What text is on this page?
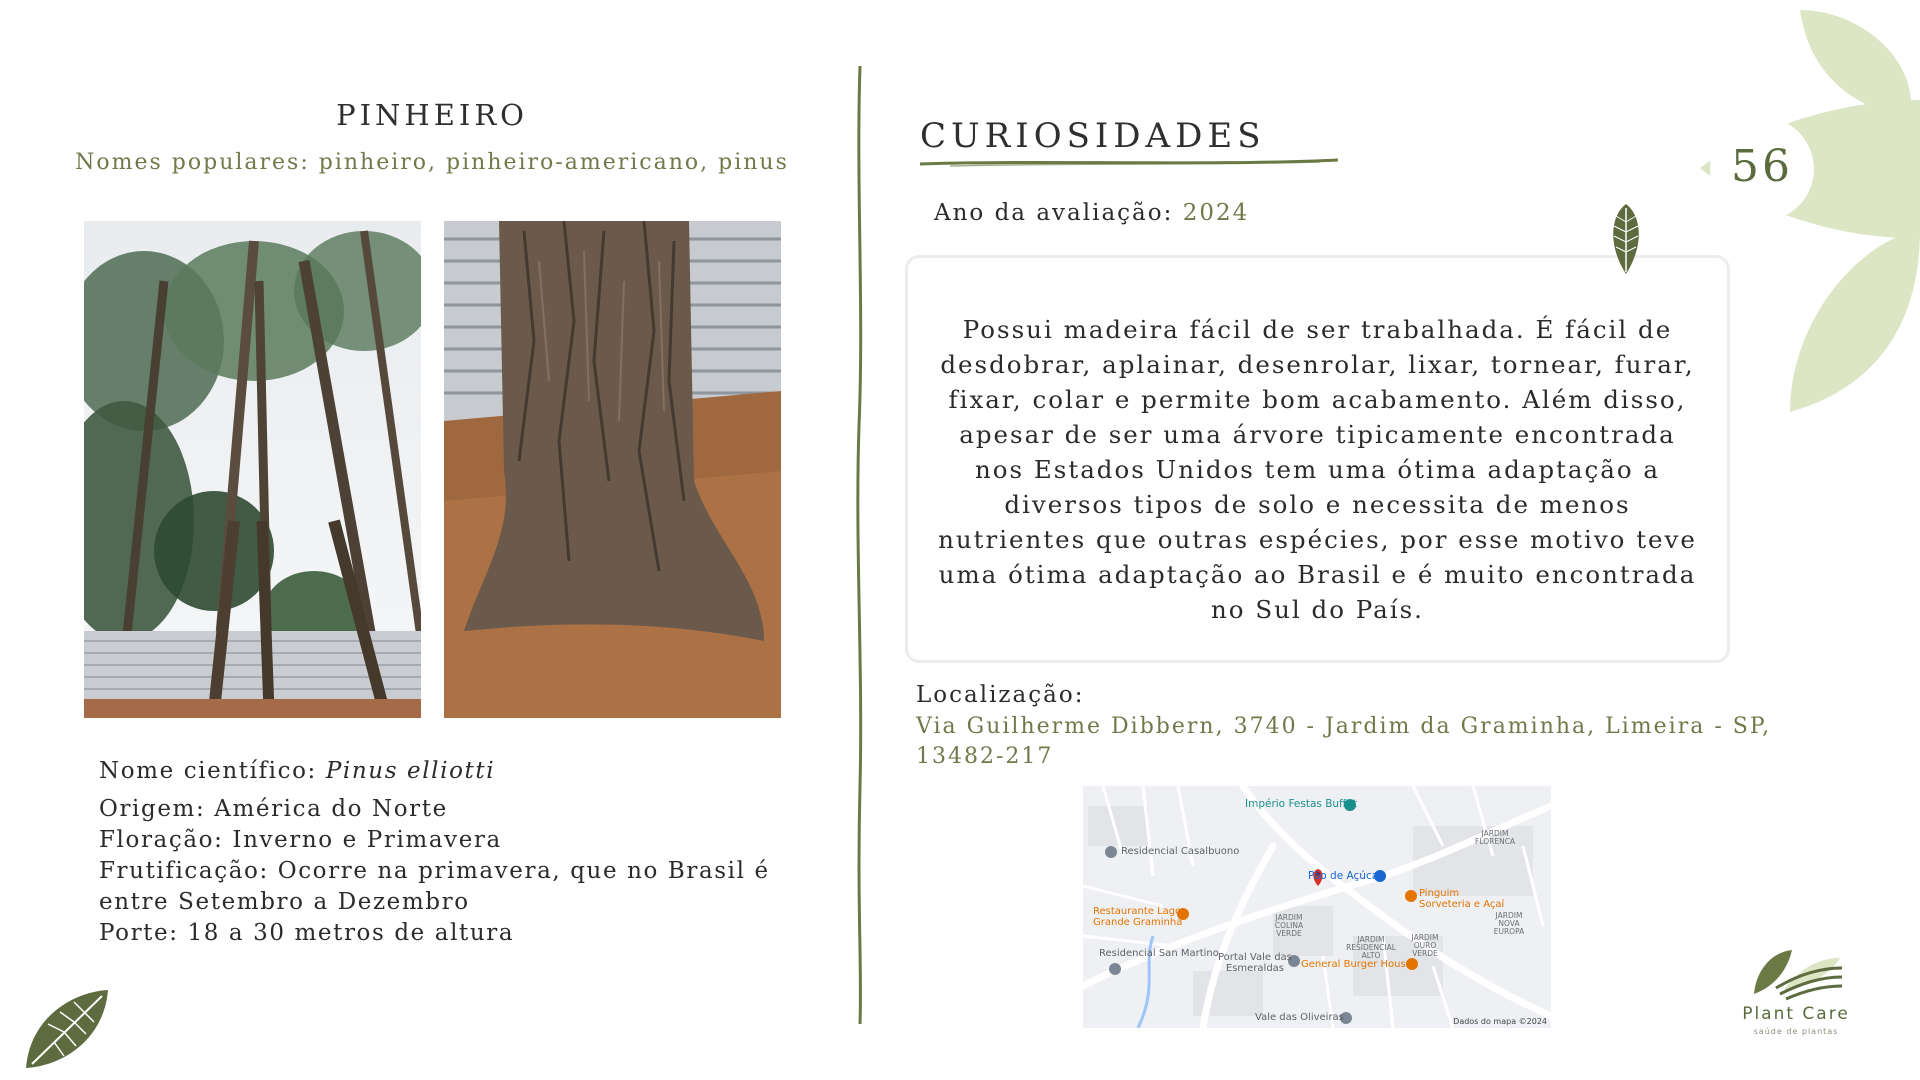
56
PINHEIRO
Nomes populares: pinheiro, pinheiro-americano, pinus

Nome científico: Pinus elliotti

Origem: América do Norte

Floração: Inverno e Primavera

Frutificação: Ocorre na primavera, que no Brasil é entre Setembro a Dezembro

Porte: 18 a 30 metros de altura

CURIOSIDADES
Ano da avaliação: 2024
Possui madeira fácil de ser trabalhada. É fácil de desdobrar, aplainar, desenrolar, lixar, tornear, furar, fixar, colar e permite bom acabamento. Além disso, apesar de ser uma árvore tipicamente encontrada nos Estados Unidos tem uma ótima adaptação a diversos tipos de solo e necessita de menos nutrientes que outras espécies, por esse motivo teve uma ótima adaptação ao Brasil e é muito encontrada no Sul do País.
Localização:
Via Guilherme Dibbern, 3740 - Jardim da Graminha, Limeira - SP, 13482-217
Império Festas Buffet
Residencial Casalbuono
Pão de Açúcar
Pinguim
Sorveteria e Açaí
Restaurante Lago
Grande Graminha
Residencial San Martino Portal Vale das
Esmeraldas	General Burger House
Vale das Oliveiras
JARDIM FLORENCA
JARDIM COLINA VERDE
JARDIM RESIDENCIAL ALTO
JARDIM OURO VERDE
JARDIM NOVA EUROPA
Dados do mapa ©2024	Plant Care
saúde de plantas
